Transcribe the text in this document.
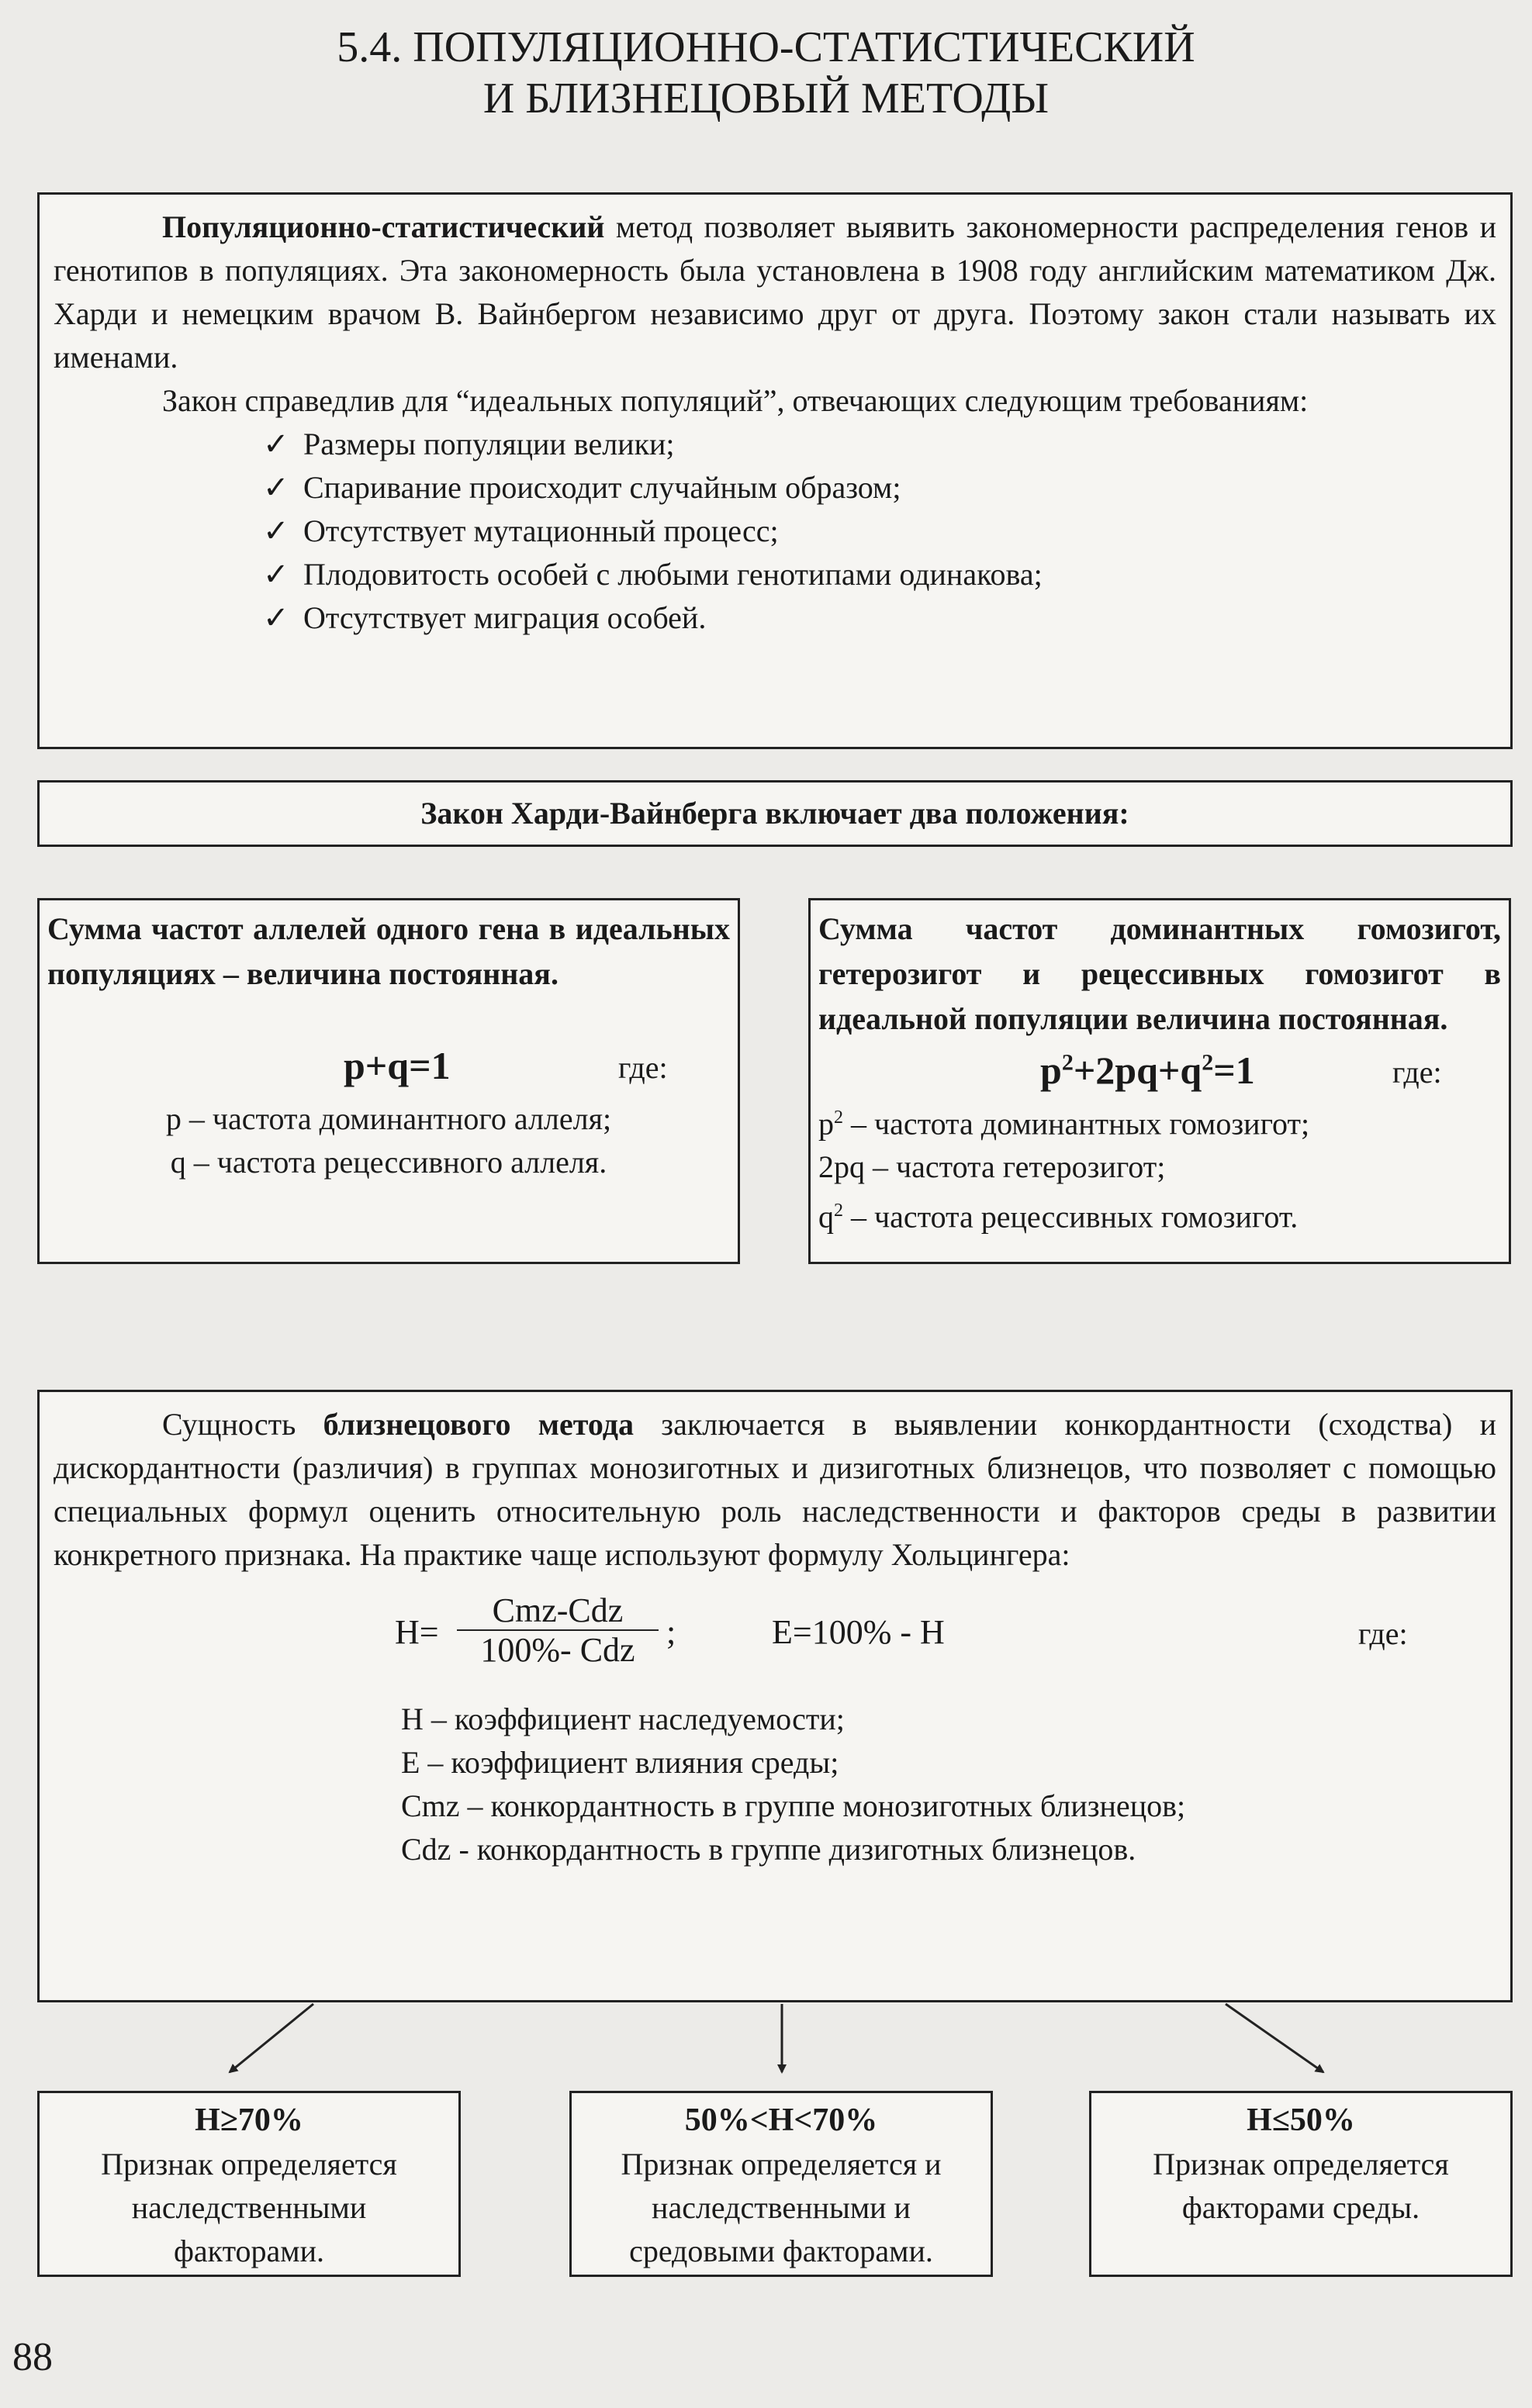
5.4. ПОПУЛЯЦИОННО-СТАТИСТИЧЕСКИЙ
И БЛИЗНЕЦОВЫЙ МЕТОДЫ
Популяционно-статистический метод позволяет выявить закономерности распределения генов и генотипов в популяциях. Эта закономерность была установлена в 1908 году английским математиком Дж. Харди и немецким врачом В. Вайнбергом независимо друг от друга. Поэтому закон стали называть их именами.
Закон справедлив для “идеальных популяций”, отвечающих следующим требованиям:
✓ Размеры популяции велики;
✓ Спаривание происходит случайным образом;
✓ Отсутствует мутационный процесс;
✓ Плодовитость особей с любыми генотипами одинакова;
✓ Отсутствует миграция особей.
Закон Харди-Вайнберга включает два положения:
Сумма частот аллелей одного гена в идеальных популяциях – величина постоянная.
p+q=1	где:
p – частота доминантного аллеля;
q – частота рецессивного аллеля.
Сумма частот доминантных гомозигот, гетерозигот и рецессивных гомозигот в идеальной популяции величина постоянная.
$p^2+2pq+q^2=1$	где:
$p^2$ – частота доминантных гомозигот;
2pq – частота гетерозигот;
$q^2$ – частота рецессивных гомозигот.
Сущность близнецового метода заключается в выявлении конкордантности (сходства) и дискордантности (различия) в группах монозиготных и дизиготных близнецов, что позволяет с помощью специальных формул оценить относительную роль наследственности и факторов среды в развитии конкретного признака. На практике чаще используют формулу Хольцингера:
H=
Cmz-Cdz
100%- Cdz ;	E=100% - H	где:
H – коэффициент наследуемости;
E – коэффициент влияния среды;
Cmz – конкордантность в группе монозиготных близнецов;
Cdz - конкордантность в группе дизиготных близнецов.
H≥70%
Признак определяется наследственными факторами.
50%<H<70%
Признак определяется и наследственными и средовыми факторами.
H≤50%
Признак определяется факторами среды.
88
